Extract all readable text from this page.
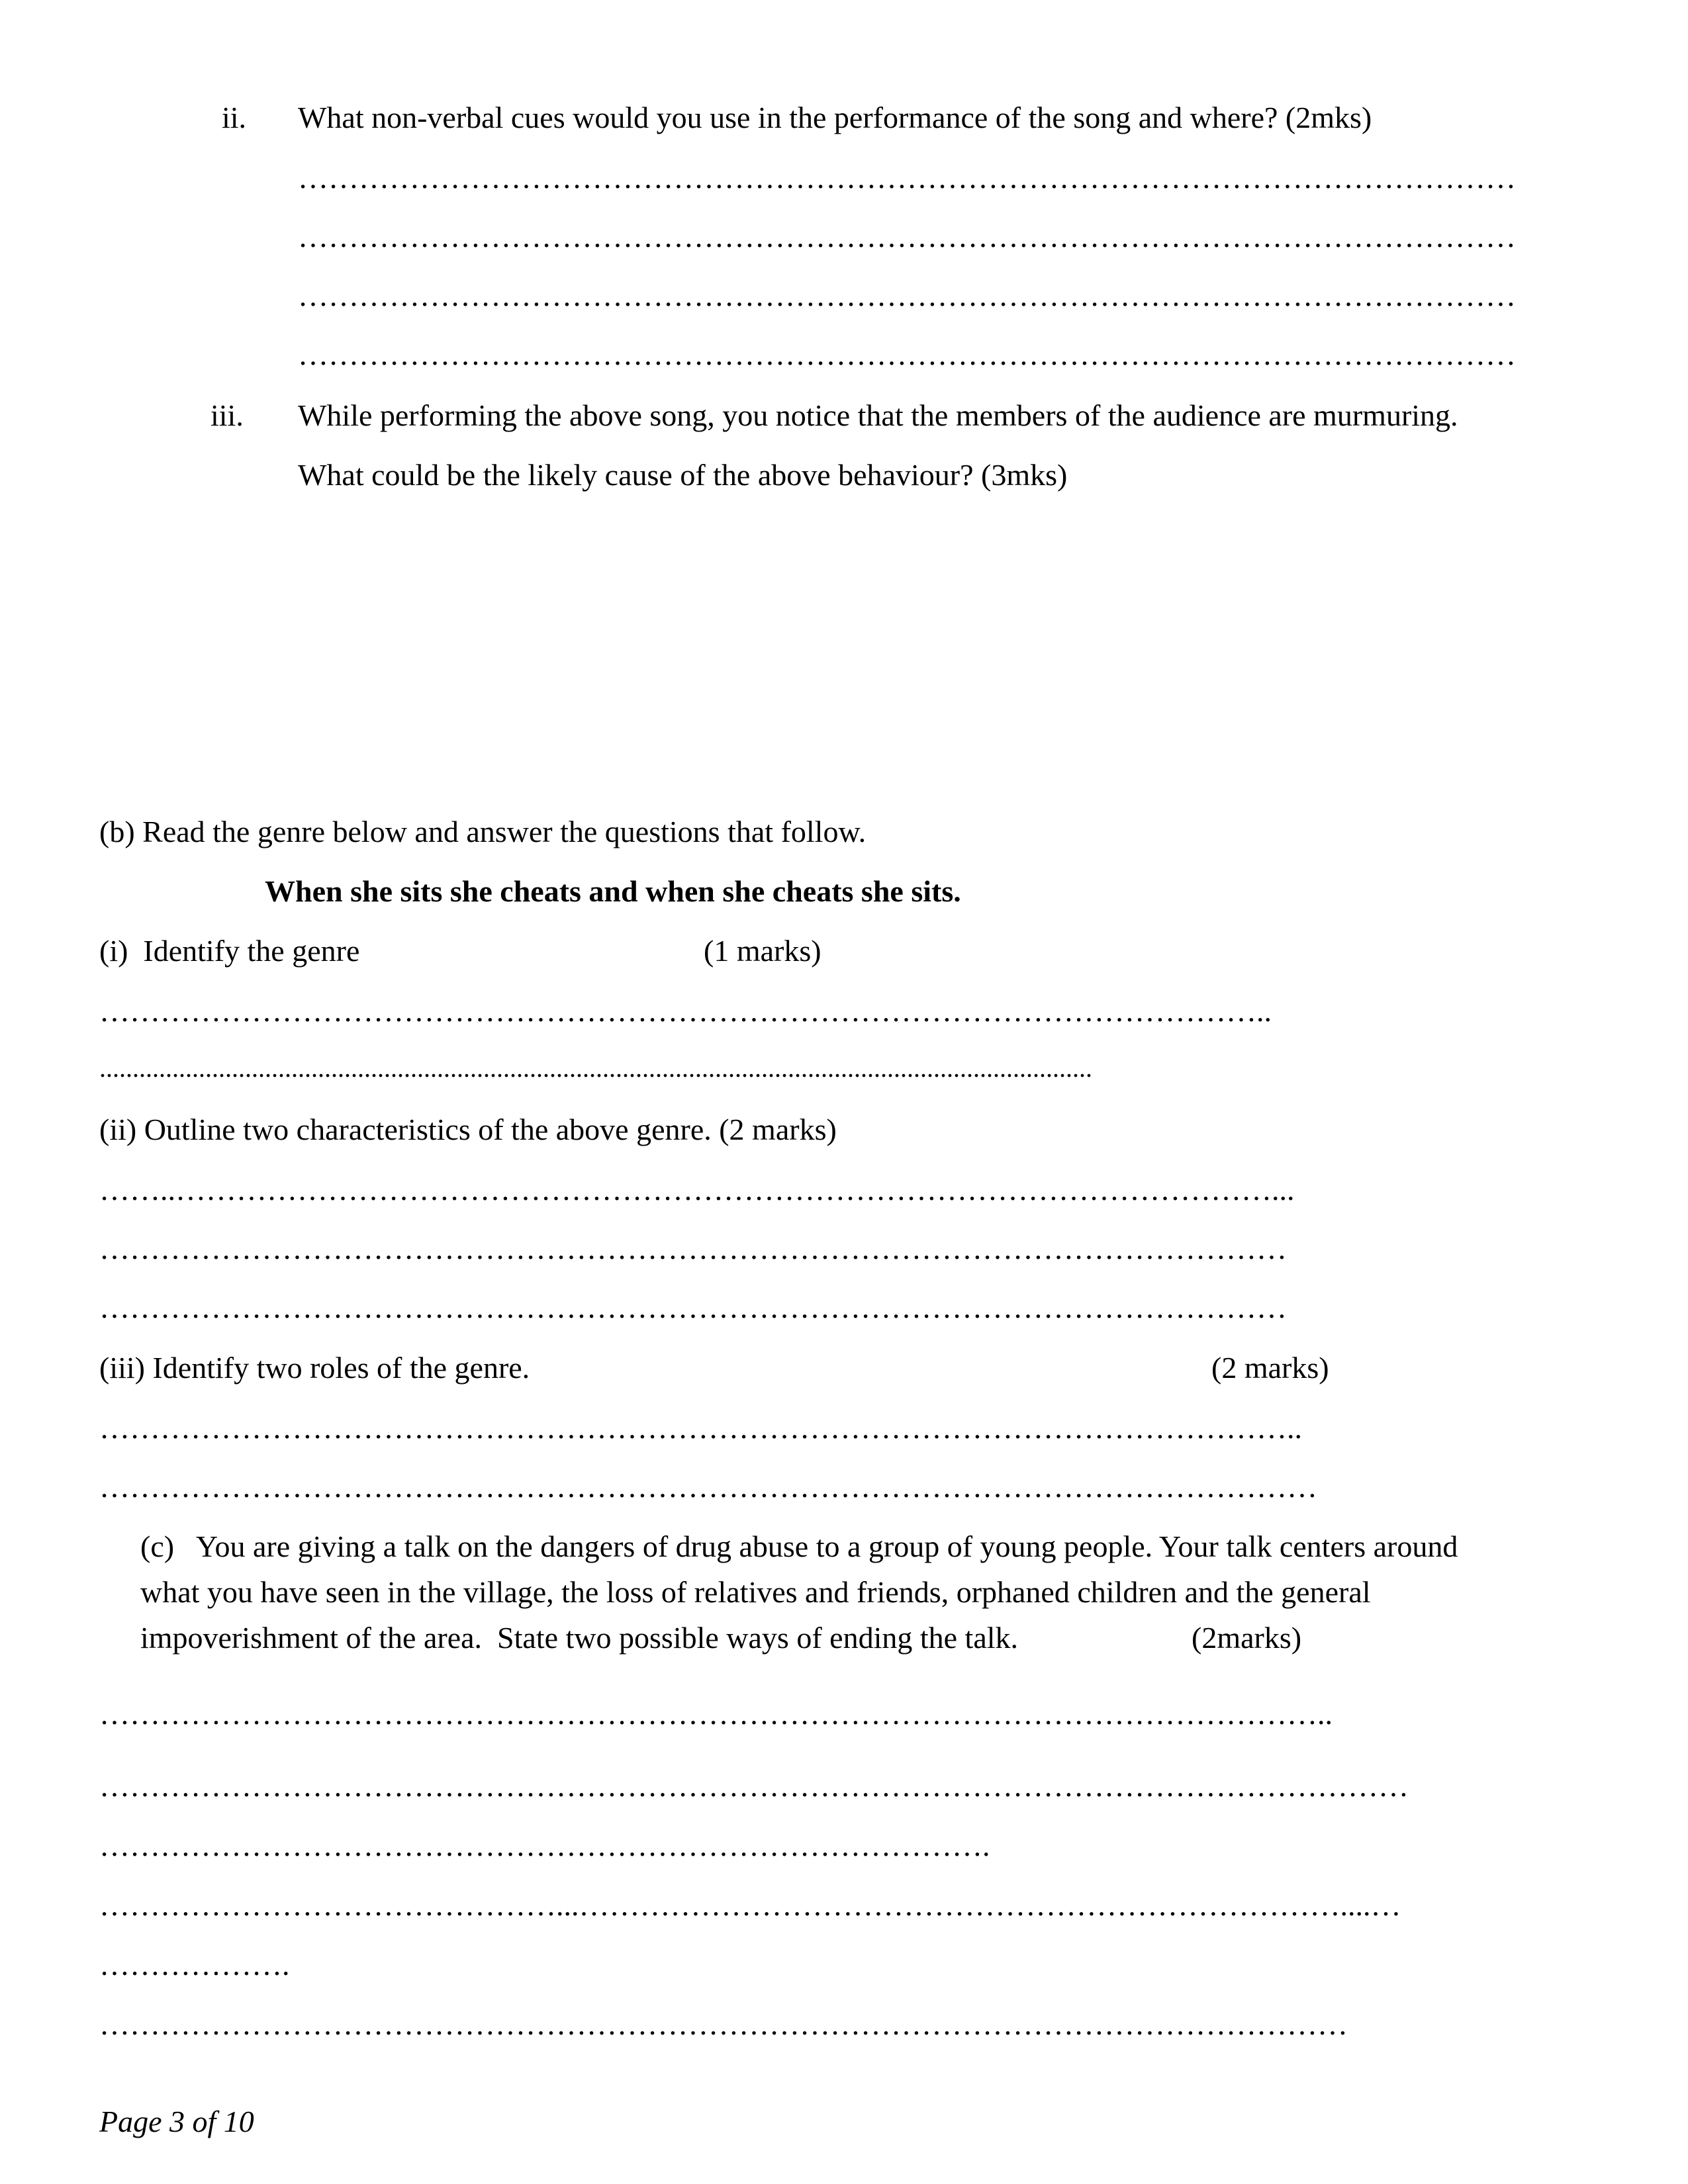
ii. What non-verbal cues would you use in the performance of the song and where? (2mks)
…………………………………………………………………………………………………………
…………………………………………………………………………………………………………
…………………………………………………………………………………………………………
…………………………………………………………………………………………………………
iii. While performing the above song, you notice that the members of the audience are murmuring.
What could be the likely cause of the above behaviour? (3mks)
(b) Read the genre below and answer the questions that follow.
When she sits she cheats and when she cheats she sits.
(i)  Identify the genre	(1 marks)
……………………………………………………………………………………………………..
......................................................................................................................................................
(ii) Outline two characteristics of the above genre. (2 marks)
……..………………………………………………………………………………………………...
………………………………………………………………………………………………………
………………………………………………………………………………………………………
(iii) Identify two roles of the genre.	(2 marks)
………………………………………………………………………………………………………..
…………………………………………………………………………………………………………
(c)   You are giving a talk on the dangers of drug abuse to a group of young people. Your talk centers around
what you have seen in the village, the loss of relatives and friends, orphaned children and the general
impoverishment of the area.  State two possible ways of ending the talk.	(2marks)
…………………………………………………………………………………………………………..
…………………………………………………………………………………………………………………
…………………………………………………………………………….
………………………………………...…………………………………………………………………....…
……………….
……………………………………………………………………………………………………………
Page 3 of 10
